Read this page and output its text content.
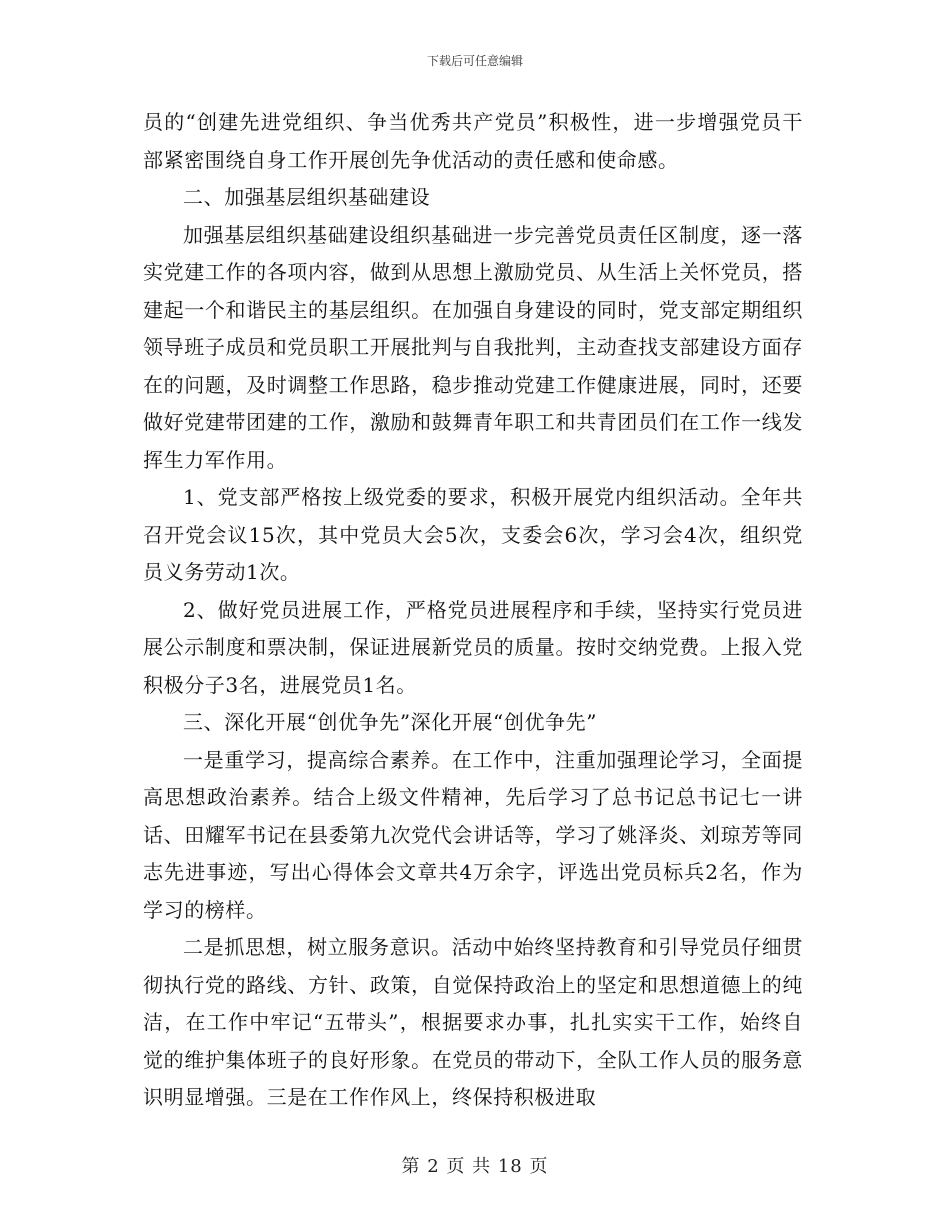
下载后可任意编辑

员的“创建先进党组织、争当优秀共产党员”积极性，进一步增强党员干部紧密围绕自身工作开展创先争优活动的责任感和使命感。

二、加强基层组织基础建设

加强基层组织基础建设组织基础进一步完善党员责任区制度，逐一落实党建工作的各项内容，做到从思想上激励党员、从生活上关怀党员，搭建起一个和谐民主的基层组织。在加强自身建设的同时，党支部定期组织领导班子成员和党员职工开展批判与自我批判，主动查找支部建设方面存在的问题，及时调整工作思路，稳步推动党建工作健康进展，同时，还要做好党建带团建的工作，激励和鼓舞青年职工和共青团员们在工作一线发挥生力军作用。

1、党支部严格按上级党委的要求，积极开展党内组织活动。全年共召开党会议15次，其中党员大会5次，支委会6次，学习会4次，组织党员义务劳动1次。

2、做好党员进展工作，严格党员进展程序和手续，坚持实行党员进展公示制度和票决制，保证进展新党员的质量。按时交纳党费。上报入党积极分子3名，进展党员1名。

三、深化开展“创优争先”深化开展“创优争先”

一是重学习，提高综合素养。在工作中，注重加强理论学习，全面提高思想政治素养。结合上级文件精神，先后学习了总书记总书记七一讲话、田耀军书记在县委第九次党代会讲话等，学习了姚泽炎、刘琼芳等同志先进事迹，写出心得体会文章共4万余字，评选出党员标兵2名，作为学习的榜样。

二是抓思想，树立服务意识。活动中始终坚持教育和引导党员仔细贯彻执行党的路线、方针、政策，自觉保持政治上的坚定和思想道德上的纯洁，在工作中牢记“五带头”，根据要求办事，扎扎实实干工作，始终自觉的维护集体班子的良好形象。在党员的带动下，全队工作人员的服务意识明显增强。三是在工作作风上，终保持积极进取

第 2 页 共 18 页
